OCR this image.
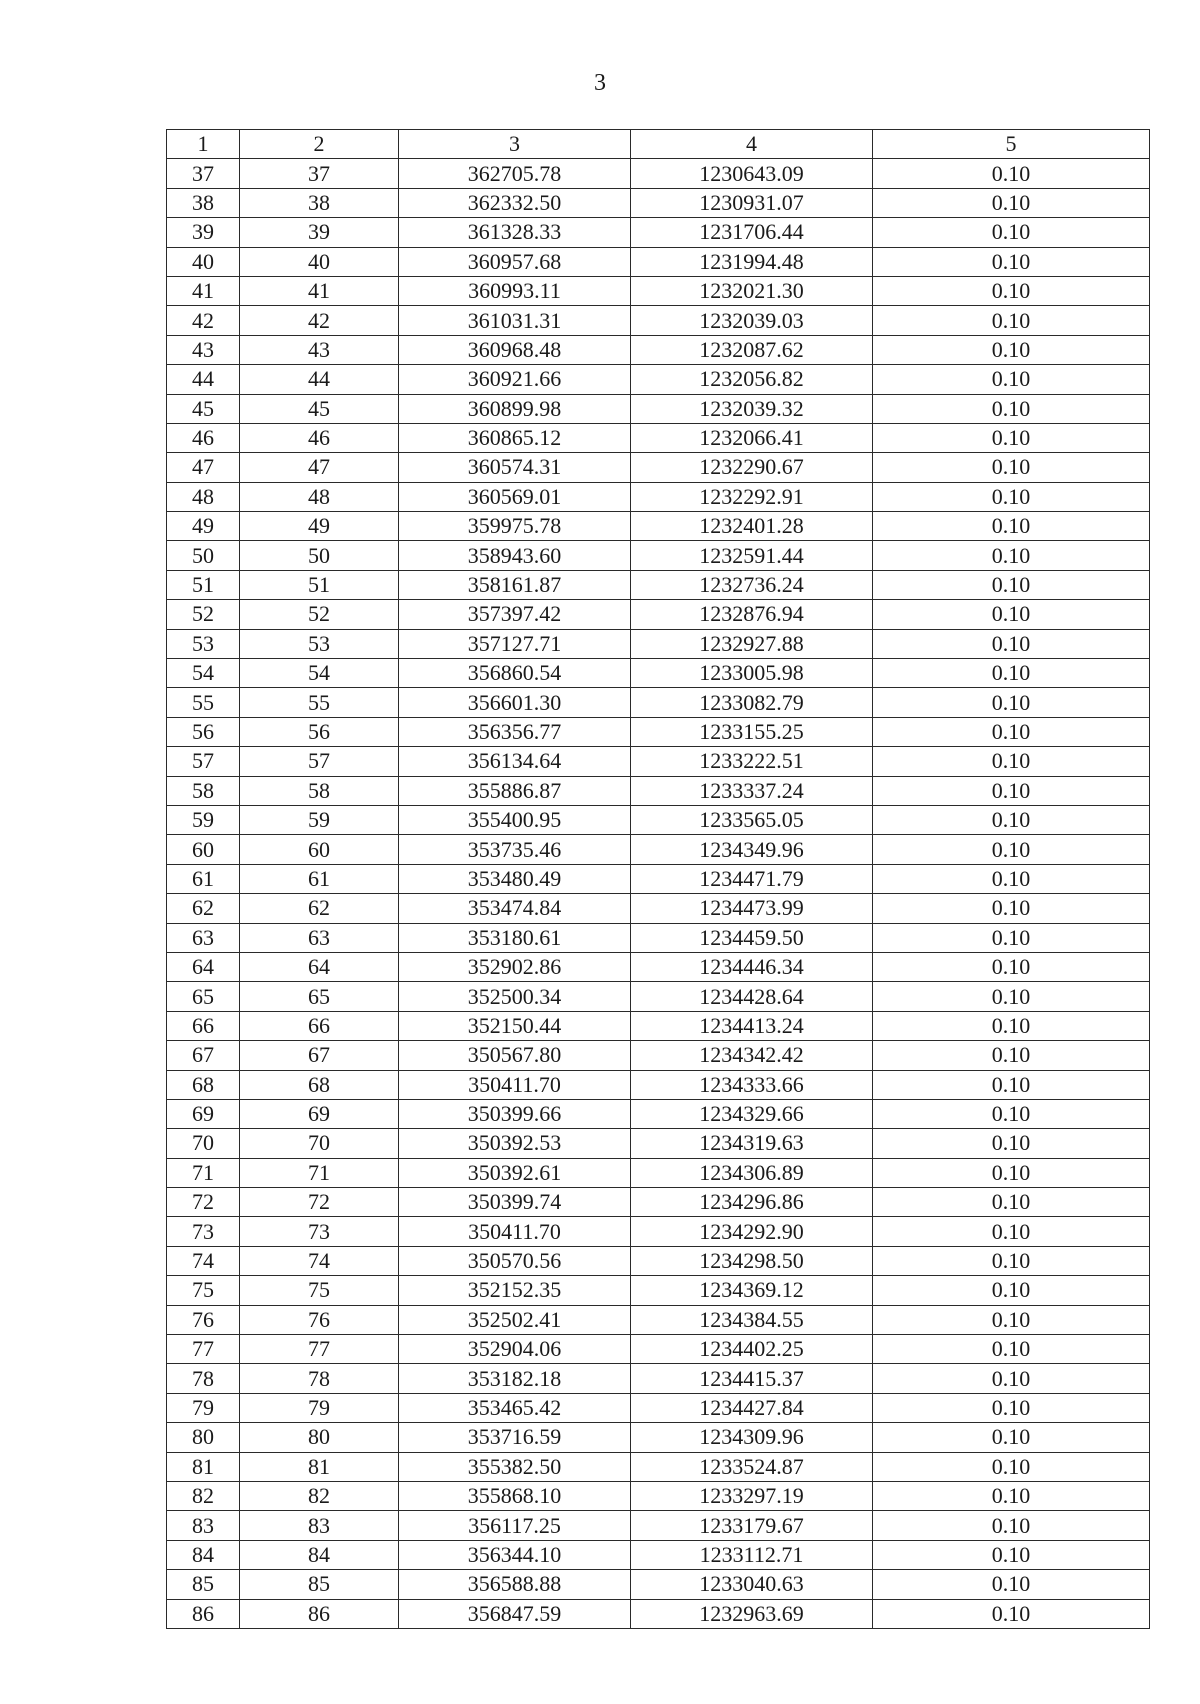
3
1	2	3	4	5
37	37	362705.78	1230643.09	0.10
38	38	362332.50	1230931.07	0.10
39	39	361328.33	1231706.44	0.10
40	40	360957.68	1231994.48	0.10
41	41	360993.11	1232021.30	0.10
42	42	361031.31	1232039.03	0.10
43	43	360968.48	1232087.62	0.10
44	44	360921.66	1232056.82	0.10
45	45	360899.98	1232039.32	0.10
46	46	360865.12	1232066.41	0.10
47	47	360574.31	1232290.67	0.10
48	48	360569.01	1232292.91	0.10
49	49	359975.78	1232401.28	0.10
50	50	358943.60	1232591.44	0.10
51	51	358161.87	1232736.24	0.10
52	52	357397.42	1232876.94	0.10
53	53	357127.71	1232927.88	0.10
54	54	356860.54	1233005.98	0.10
55	55	356601.30	1233082.79	0.10
56	56	356356.77	1233155.25	0.10
57	57	356134.64	1233222.51	0.10
58	58	355886.87	1233337.24	0.10
59	59	355400.95	1233565.05	0.10
60	60	353735.46	1234349.96	0.10
61	61	353480.49	1234471.79	0.10
62	62	353474.84	1234473.99	0.10
63	63	353180.61	1234459.50	0.10
64	64	352902.86	1234446.34	0.10
65	65	352500.34	1234428.64	0.10
66	66	352150.44	1234413.24	0.10
67	67	350567.80	1234342.42	0.10
68	68	350411.70	1234333.66	0.10
69	69	350399.66	1234329.66	0.10
70	70	350392.53	1234319.63	0.10
71	71	350392.61	1234306.89	0.10
72	72	350399.74	1234296.86	0.10
73	73	350411.70	1234292.90	0.10
74	74	350570.56	1234298.50	0.10
75	75	352152.35	1234369.12	0.10
76	76	352502.41	1234384.55	0.10
77	77	352904.06	1234402.25	0.10
78	78	353182.18	1234415.37	0.10
79	79	353465.42	1234427.84	0.10
80	80	353716.59	1234309.96	0.10
81	81	355382.50	1233524.87	0.10
82	82	355868.10	1233297.19	0.10
83	83	356117.25	1233179.67	0.10
84	84	356344.10	1233112.71	0.10
85	85	356588.88	1233040.63	0.10
86	86	356847.59	1232963.69	0.10
